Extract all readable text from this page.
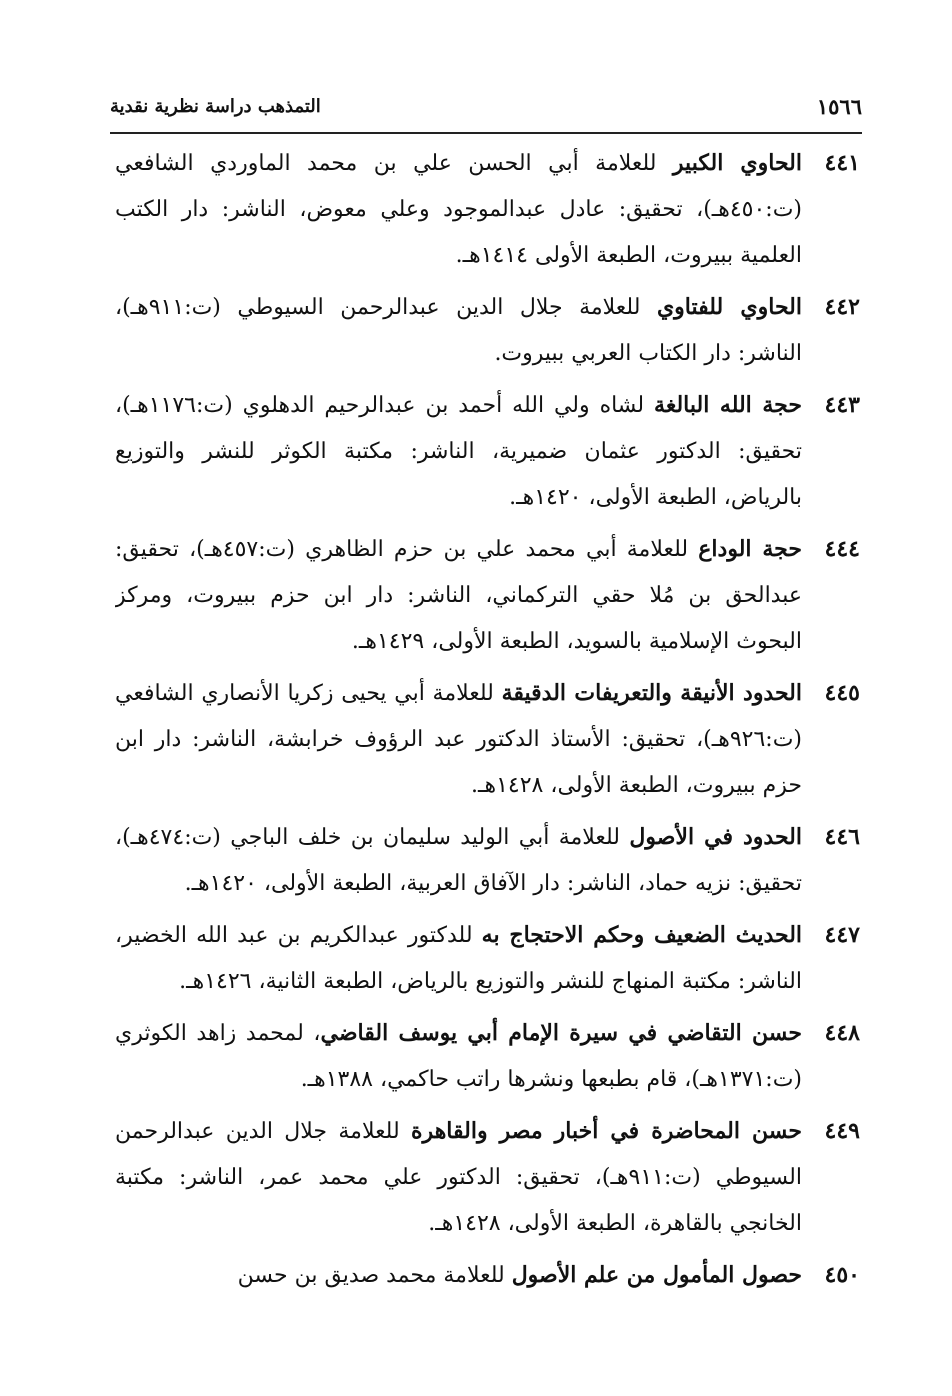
١٥٦٦
التمذهب دراسة نظرية نقدية
٤٤١
الحاوي الكبير للعلامة أبي الحسن علي بن محمد الماوردي الشافعي (ت:٤٥٠هـ)، تحقيق: عادل عبدالموجود وعلي معوض، الناشر: دار الكتب العلمية ببيروت، الطبعة الأولى ١٤١٤هـ.
٤٤٢
الحاوي للفتاوي للعلامة جلال الدين عبدالرحمن السيوطي (ت:٩١١هـ)، الناشر: دار الكتاب العربي ببيروت.
٤٤٣
حجة الله البالغة لشاه ولي الله أحمد بن عبدالرحيم الدهلوي (ت:١١٧٦هـ)، تحقيق: الدكتور عثمان ضميرية، الناشر: مكتبة الكوثر للنشر والتوزيع بالرياض، الطبعة الأولى، ١٤٢٠هـ.
٤٤٤
حجة الوداع للعلامة أبي محمد علي بن حزم الظاهري (ت:٤٥٧هـ)، تحقيق: عبدالحق بن مُلا حقي التركماني، الناشر: دار ابن حزم ببيروت، ومركز البحوث الإسلامية بالسويد، الطبعة الأولى، ١٤٢٩هـ.
٤٤٥
الحدود الأنيقة والتعريفات الدقيقة للعلامة أبي يحيى زكريا الأنصاري الشافعي (ت:٩٢٦هـ)، تحقيق: الأستاذ الدكتور عبد الرؤوف خرابشة، الناشر: دار ابن حزم ببيروت، الطبعة الأولى، ١٤٢٨هـ.
٤٤٦
الحدود في الأصول للعلامة أبي الوليد سليمان بن خلف الباجي (ت:٤٧٤هـ)، تحقيق: نزيه حماد، الناشر: دار الآفاق العربية، الطبعة الأولى، ١٤٢٠هـ.
٤٤٧
الحديث الضعيف وحكم الاحتجاج به للدكتور عبدالكريم بن عبد الله الخضير، الناشر: مكتبة المنهاج للنشر والتوزيع بالرياض، الطبعة الثانية، ١٤٢٦هـ.
٤٤٨
حسن التقاضي في سيرة الإمام أبي يوسف القاضي، لمحمد زاهد الكوثري (ت:١٣٧١هـ)، قام بطبعها ونشرها راتب حاكمي، ١٣٨٨هـ.
٤٤٩
حسن المحاضرة في أخبار مصر والقاهرة للعلامة جلال الدين عبدالرحمن السيوطي (ت:٩١١هـ)، تحقيق: الدكتور علي محمد عمر، الناشر: مكتبة الخانجي بالقاهرة، الطبعة الأولى، ١٤٢٨هـ.
٤٥٠
حصول المأمول من علم الأصول للعلامة محمد صديق بن حسن
